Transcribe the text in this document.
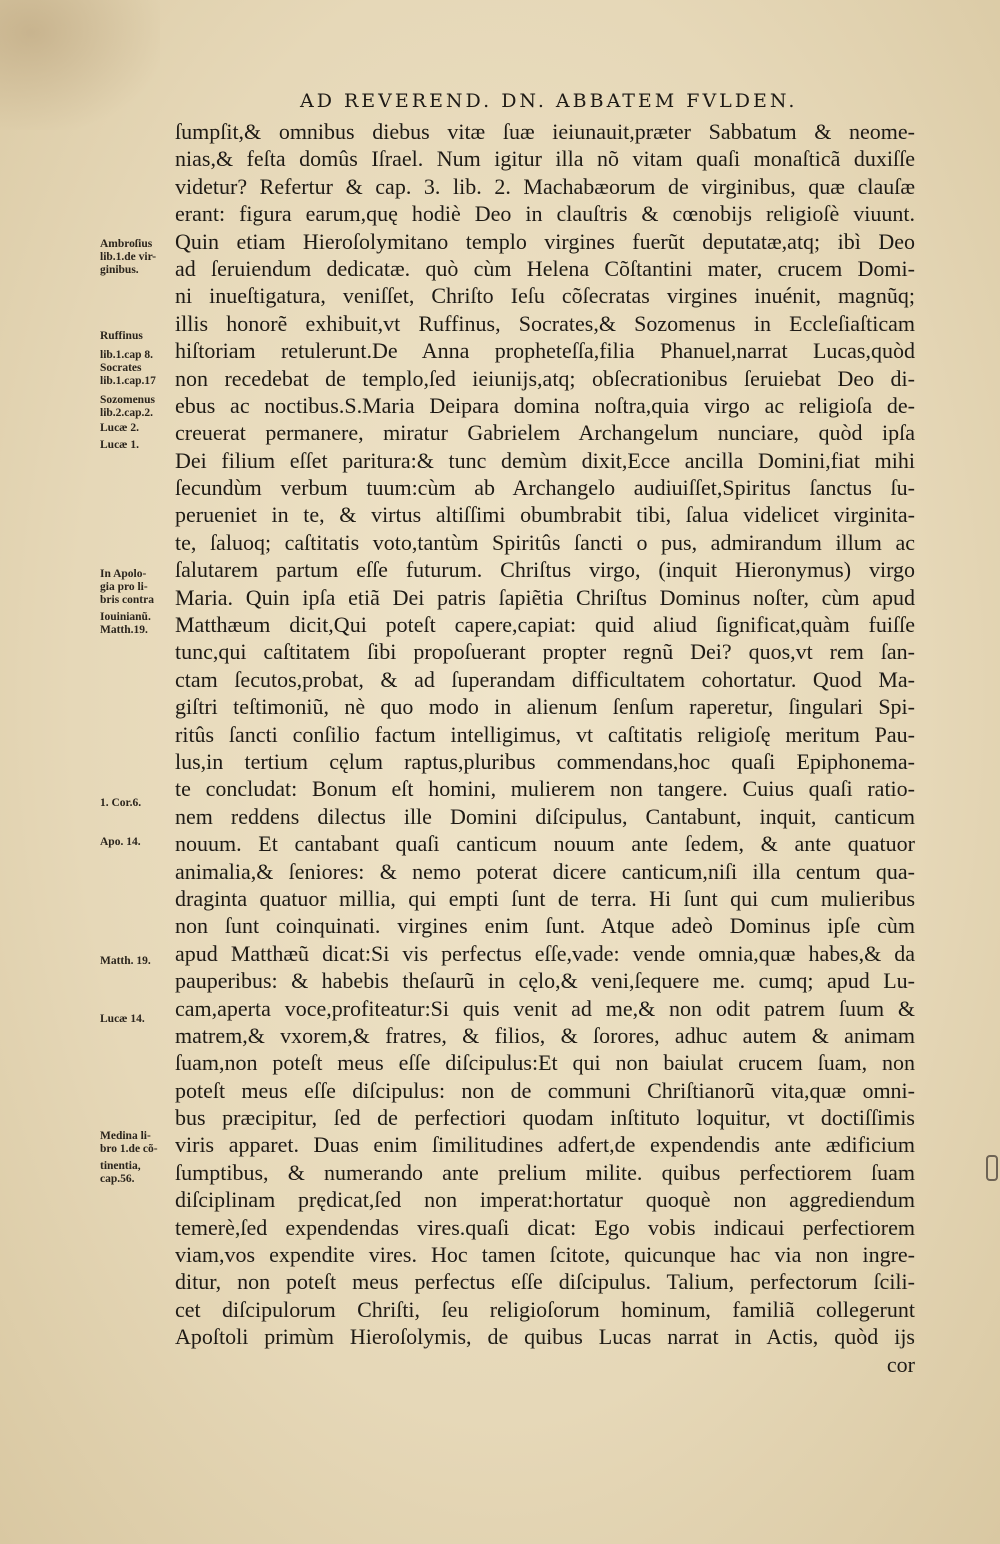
AD REVEREND. DN. ABBATEM FVLDEN.
ſumpſit,& omnibus diebus vitæ ſuæ ieiunauit,præter Sabbatum & neome-
nias,& feſta domûs Iſrael. Num igitur illa nõ vitam quaſi monaſticã duxiſſe
videtur? Refertur & cap. 3. lib. 2. Machabæorum de virginibus, quæ clauſæ
erant: figura earum,quę hodiè Deo in clauſtris & cœnobijs religioſè viuunt.
Quin etiam Hieroſolymitano templo virgines fuerũt deputatæ,atq; ibì Deo
ad ſeruiendum dedicatæ. quò cùm Helena Cõſtantini mater, crucem Domi-
ni inueſtigatura, veniſſet, Chriſto Ieſu cõſecratas virgines inuénit, magnũq;
illis honorẽ exhibuit,vt Ruffinus, Socrates,& Sozomenus in Eccleſiaſticam
hiſtoriam retulerunt.De Anna propheteſſa,filia Phanuel,narrat Lucas,quòd
non recedebat de templo,ſed ieiunijs,atq; obſecrationibus ſeruiebat Deo di-
ebus ac noctibus.S.Maria Deipara domina noſtra,quia virgo ac religioſa de-
creuerat permanere, miratur Gabrielem Archangelum nunciare, quòd ipſa
Dei filium eſſet paritura:& tunc demùm dixit,Ecce ancilla Domini,fiat mihi
ſecundùm verbum tuum:cùm ab Archangelo audiuiſſet,Spiritus ſanctus ſu-
perueniet in te, & virtus altiſſimi obumbrabit tibi, ſalua videlicet virginita-
te, ſaluoq; caſtitatis voto,tantùm Spiritûs ſancti o pus, admirandum illum ac
ſalutarem partum eſſe futurum. Chriſtus virgo, (inquit Hieronymus) virgo
Maria. Quin ipſa etiã Dei patris ſapiẽtia Chriſtus Dominus noſter, cùm apud
Matthæum dicit,Qui poteſt capere,capiat: quid aliud ſignificat,quàm fuiſſe
tunc,qui caſtitatem ſibi propoſuerant propter regnũ Dei? quos,vt rem ſan-
ctam ſecutos,probat, & ad ſuperandam difficultatem cohortatur. Quod Ma-
giſtri teſtimoniũ, nè quo modo in alienum ſenſum raperetur, ſingulari Spi-
ritûs ſancti conſilio factum intelligimus, vt caſtitatis religioſę meritum Pau-
lus,in tertium cęlum raptus,pluribus commendans,hoc quaſi Epiphonema-
te concludat: Bonum eſt homini, mulierem non tangere. Cuius quaſi ratio-
nem reddens dilectus ille Domini diſcipulus, Cantabunt, inquit, canticum
nouum. Et cantabant quaſi canticum nouum ante ſedem, & ante quatuor
animalia,& ſeniores: & nemo poterat dicere canticum,niſi illa centum qua-
draginta quatuor millia, qui empti ſunt de terra. Hi ſunt qui cum mulieribus
non ſunt coinquinati. virgines enim ſunt. Atque adeò Dominus ipſe cùm
apud Matthæũ dicat:Si vis perfectus eſſe,vade: vende omnia,quæ habes,& da
pauperibus: & habebis theſaurũ in cęlo,& veni,ſequere me. cumq; apud Lu-
cam,aperta voce,profiteatur:Si quis venit ad me,& non odit patrem ſuum &
matrem,& vxorem,& fratres, & filios, & ſorores, adhuc autem & animam
ſuam,non poteſt meus eſſe diſcipulus:Et qui non baiulat crucem ſuam, non
poteſt meus eſſe diſcipulus: non de communi Chriſtianorũ vita,quæ omni-
bus præcipitur, ſed de perfectiori quodam inſtituto loquitur, vt doctiſſimis
viris apparet. Duas enim ſimilitudines adfert,de expendendis ante ædificium
ſumptibus, & numerando ante prelium milite. quibus perfectiorem ſuam
diſciplinam prędicat,ſed non imperat:hortatur quoquè non aggrediendum
temerè,ſed expendendas vires.quaſi dicat: Ego vobis indicaui perfectiorem
viam,vos expendite vires. Hoc tamen ſcitote, quicunque hac via non ingre-
ditur, non poteſt meus perfectus eſſe diſcipulus. Talium, perfectorum ſcili-
cet diſcipulorum Chriſti, ſeu religioſorum hominum, familiã collegerunt
Apoſtoli primùm Hieroſolymis, de quibus Lucas narrat in Actis, quòd ijs
cor
Ambroſius
lib.1.de vir-
ginibus.
Ruffinus
lib.1.cap 8.
Socrates
lib.1.cap.17
Sozomenus
lib.2.cap.2.
Lucæ 2.
Lucæ 1.
In Apolo-
gia pro li-
bris contra
Iouinianũ.
Matth.19.
1. Cor.6.
Apo. 14.
Matth. 19.
Lucæ 14.
Medina li-
bro 1.de cõ-
tinentia,
cap.56.
